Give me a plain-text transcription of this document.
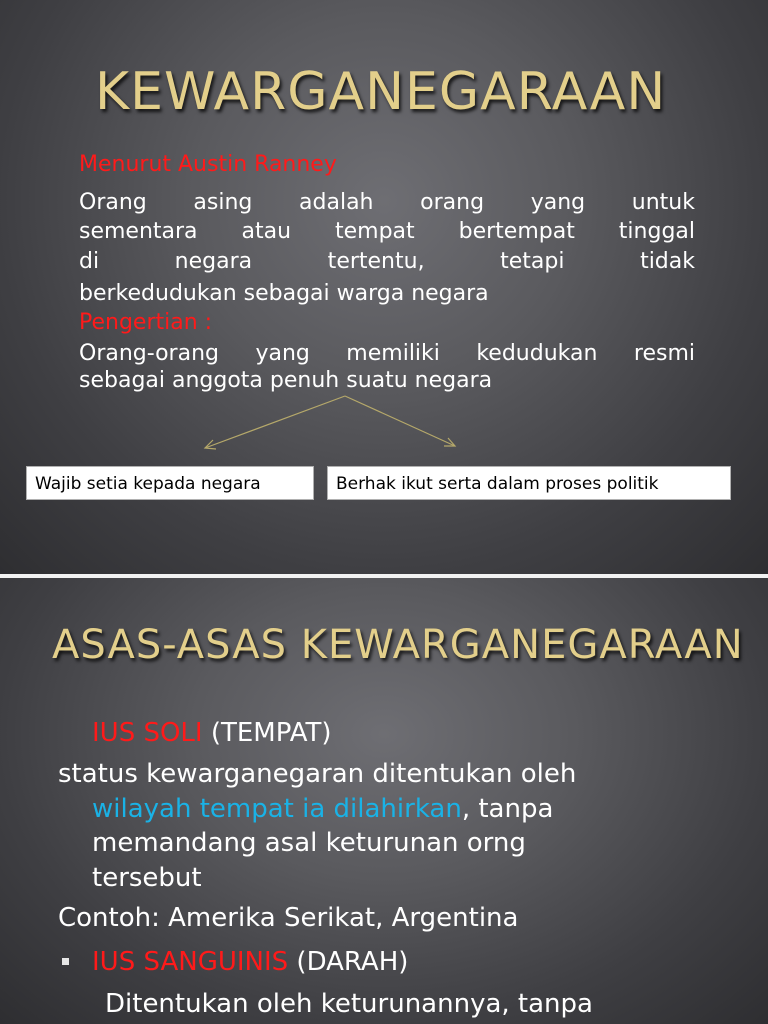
KEWARGANEGARAAN
Menurut Austin Ranney
Orang asing adalah orang yang untuk
sementara atau tempat bertempat tinggal
di negara tertentu, tetapi tidak
berkedudukan sebagai warga negara
Pengertian :
Orang-orang yang memiliki kedudukan resmi
sebagai anggota penuh suatu negara
Wajib setia kepada negara	Berhak ikut serta dalam proses politik
ASAS-ASAS KEWARGANEGARAAN
IUS SOLI (TEMPAT)
status kewarganegaran ditentukan oleh
wilayah tempat ia dilahirkan, tanpa
memandang asal keturunan orng
tersebut
Contoh: Amerika Serikat, Argentina
IUS SANGUINIS (DARAH)
Ditentukan oleh keturunannya, tanpa
